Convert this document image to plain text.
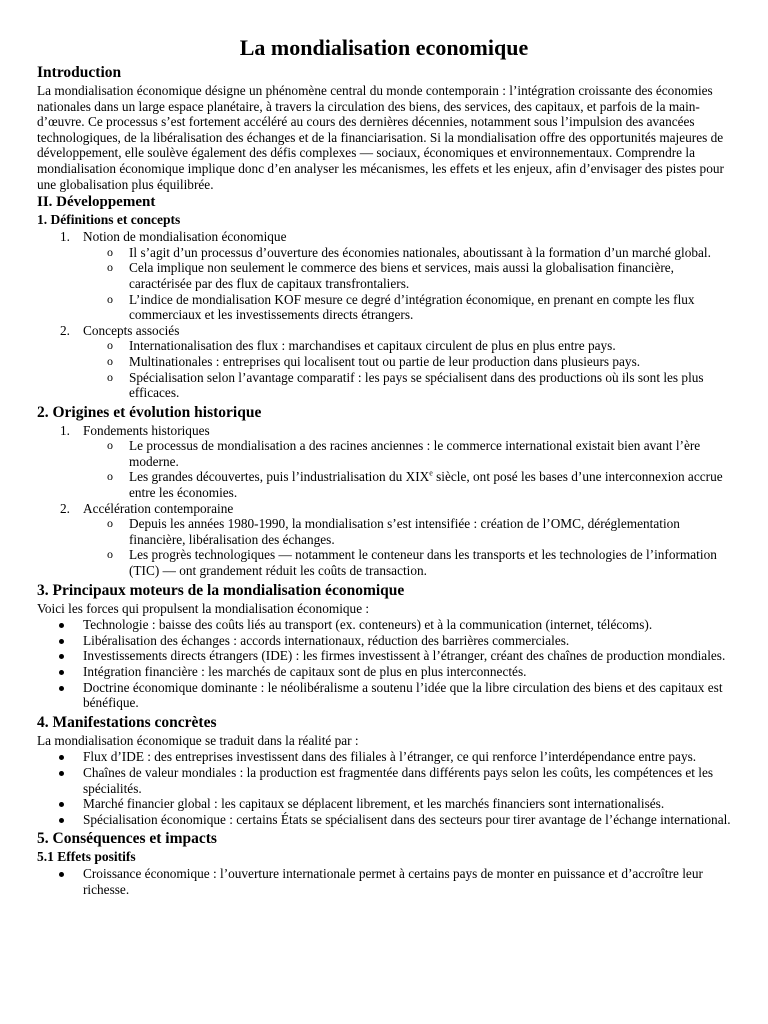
La mondialisation economique
Introduction

La mondialisation économique désigne un phénomène central du monde contemporain : l’intégration croissante des économies nationales dans un large espace planétaire, à travers la circulation des biens, des services, des capitaux, et parfois de la main-d’œuvre. Ce processus s’est fortement accéléré au cours des dernières décennies, notamment sous l’impulsion des avancées technologiques, de la libéralisation des échanges et de la financiarisation. Si la mondialisation offre des opportunités majeures de développement, elle soulève également des défis complexes — sociaux, économiques et environnementaux. Comprendre la mondialisation économique implique donc d’en analyser les mécanismes, les effets et les enjeux, afin d’envisager des pistes pour une globalisation plus équilibrée.

II. Développement
1. Définitions et concepts
1. Notion de mondialisation économique
o Il s’agit d’un processus d’ouverture des économies nationales, aboutissant à la formation d’un marché global.
o Cela implique non seulement le commerce des biens et services, mais aussi la globalisation financière, caractérisée par des flux de capitaux transfrontaliers.
o L’indice de mondialisation KOF mesure ce degré d’intégration économique, en prenant en compte les flux commerciaux et les investissements directs étrangers.
2. Concepts associés
o Internationalisation des flux : marchandises et capitaux circulent de plus en plus entre pays.
o Multinationales : entreprises qui localisent tout ou partie de leur production dans plusieurs pays.
o Spécialisation selon l’avantage comparatif : les pays se spécialisent dans des productions où ils sont les plus efficaces.
2. Origines et évolution historique
1. Fondements historiques
o Le processus de mondialisation a des racines anciennes : le commerce international existait bien avant l’ère moderne.
o Les grandes découvertes, puis l’industrialisation du XIXe siècle, ont posé les bases d’une interconnexion accrue entre les économies.
2. Accélération contemporaine
o Depuis les années 1980-1990, la mondialisation s’est intensifiée : création de l’OMC, déréglementation financière, libéralisation des échanges.
o Les progrès technologiques — notamment le conteneur dans les transports et les technologies de l’information (TIC) — ont grandement réduit les coûts de transaction.
3. Principaux moteurs de la mondialisation économique

Voici les forces qui propulsent la mondialisation économique :

Technologie : baisse des coûts liés au transport (ex. conteneurs) et à la communication (internet, télécoms).
Libéralisation des échanges : accords internationaux, réduction des barrières commerciales.
Investissements directs étrangers (IDE) : les firmes investissent à l’étranger, créant des chaînes de production mondiales.
Intégration financière : les marchés de capitaux sont de plus en plus interconnectés.
Doctrine économique dominante : le néolibéralisme a soutenu l’idée que la libre circulation des biens et des capitaux est bénéfique.
4. Manifestations concrètes

La mondialisation économique se traduit dans la réalité par :

Flux d’IDE : des entreprises investissent dans des filiales à l’étranger, ce qui renforce l’interdépendance entre pays.
Chaînes de valeur mondiales : la production est fragmentée dans différents pays selon les coûts, les compétences et les spécialités.
Marché financier global : les capitaux se déplacent librement, et les marchés financiers sont internationalisés.
Spécialisation économique : certains États se spécialisent dans des secteurs pour tirer avantage de l’échange international.
5. Conséquences et impacts
5.1 Effets positifs
Croissance économique : l’ouverture internationale permet à certains pays de monter en puissance et d’accroître leur richesse.
